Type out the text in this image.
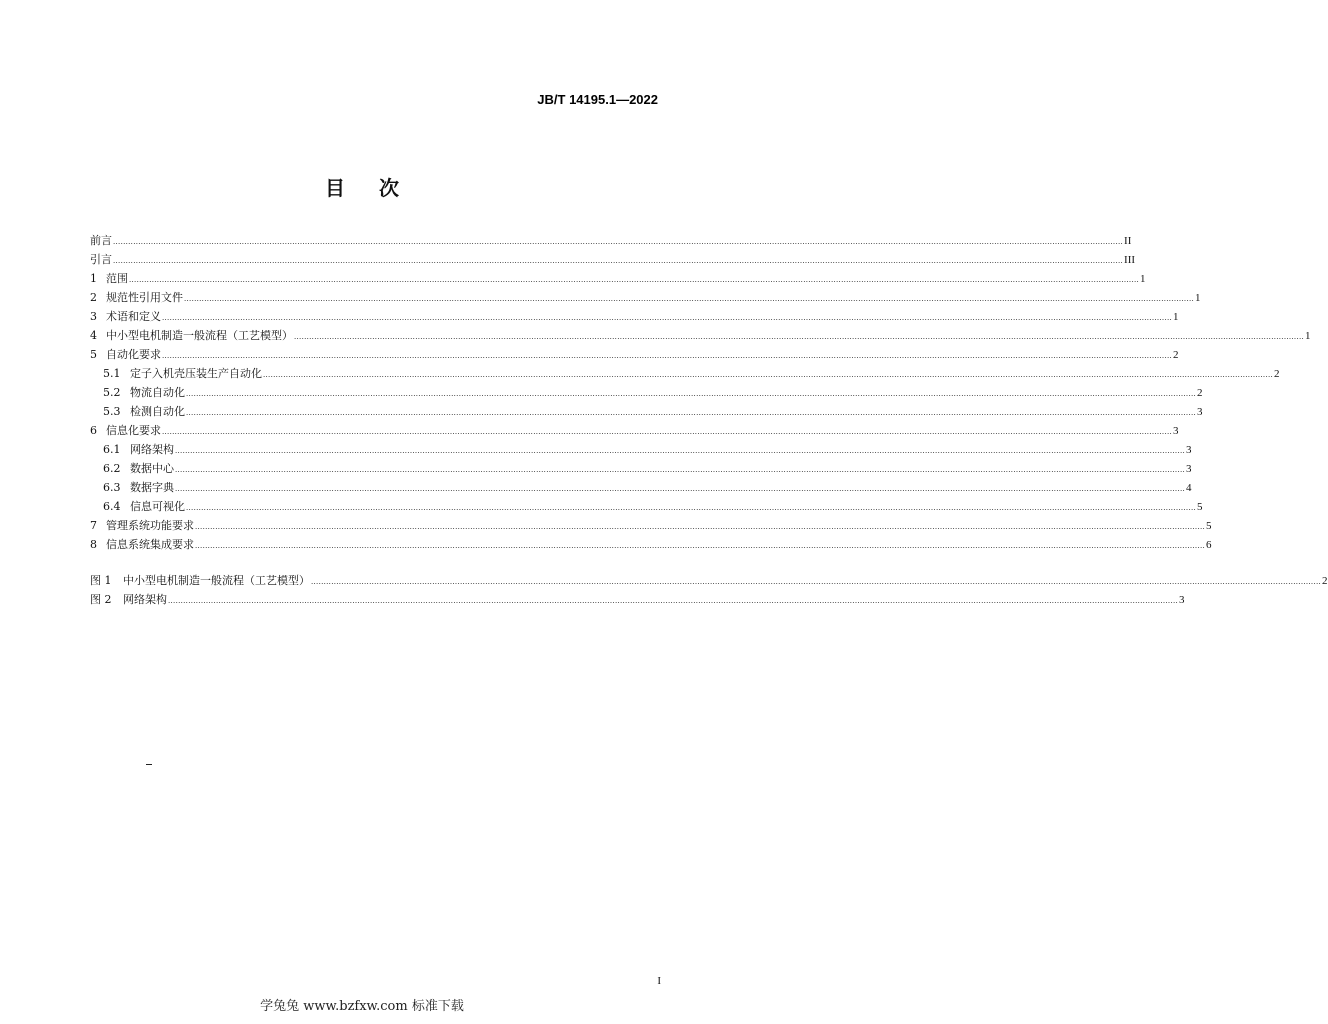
JB/T 14195.1—2022
目次
前言 ................................................................................................................................................................................................................................................................................................................................................................................................................ II
引言 ................................................................................................................................................................................................................................................................................................................................................................................................................ III
1 范围 ................................................................................................................................................................................................................................................................................................................................................................................................................ 1
2 规范性引用文件 ................................................................................................................................................................................................................................................................................................................................................................................................................ 1
3 术语和定义 ................................................................................................................................................................................................................................................................................................................................................................................................................ 1
4 中小型电机制造一般流程（工艺模型） ................................................................................................................................................................................................................................................................................................................................................................................................................ 1
5 自动化要求 ................................................................................................................................................................................................................................................................................................................................................................................................................ 2
5.1 定子入机壳压装生产自动化 ................................................................................................................................................................................................................................................................................................................................................................................................................ 2
5.2 物流自动化 ................................................................................................................................................................................................................................................................................................................................................................................................................ 2
5.3 检测自动化 ................................................................................................................................................................................................................................................................................................................................................................................................................ 3
6 信息化要求 ................................................................................................................................................................................................................................................................................................................................................................................................................ 3
6.1 网络架构 ................................................................................................................................................................................................................................................................................................................................................................................................................ 3
6.2 数据中心 ................................................................................................................................................................................................................................................................................................................................................................................................................ 3
6.3 数据字典 ................................................................................................................................................................................................................................................................................................................................................................................................................ 4
6.4 信息可视化 ................................................................................................................................................................................................................................................................................................................................................................................................................ 5
7 管理系统功能要求 ................................................................................................................................................................................................................................................................................................................................................................................................................ 5
8 信息系统集成要求 ................................................................................................................................................................................................................................................................................................................................................................................................................ 6
图 1	中小型电机制造一般流程（工艺模型） ................................................................................................................................................................................................................................................................................................................................................................................................................ 2
图 2	网络架构 ................................................................................................................................................................................................................................................................................................................................................................................................................ 3
I
学兔兔 www.bzfxw.com 标准下载
